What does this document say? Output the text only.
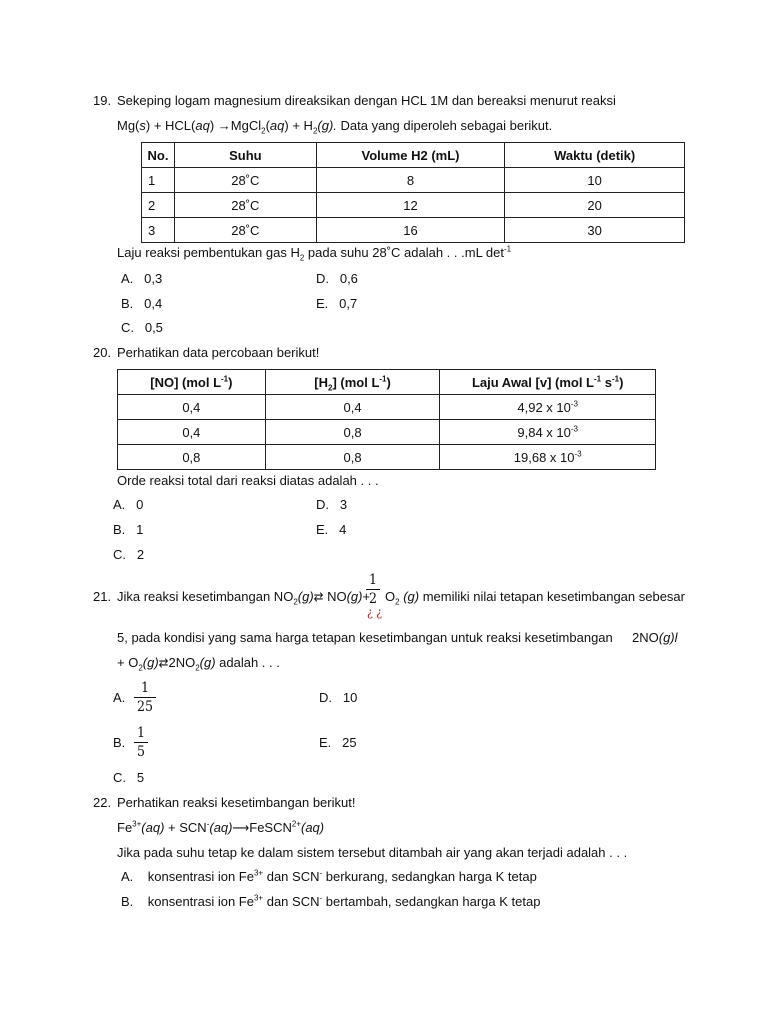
19. Sekeping logam magnesium direaksikan dengan HCL 1M dan bereaksi menurut reaksi
Mg(s) + HCL(aq) →MgCl$_2$(aq) + $H_2(g)$. Data yang diperoleh sebagai berikut.
No.	Suhu	Volume H2 (mL)	Waktu (detik)
1	28˚C	8	10
2	28˚C	12	20
3	28˚C	16	30
Laju reaksi pembentukan gas $H_2$ pada suhu 28˚C adalah . . .mL $\det^{-1}$
A. 0,3
B. 0,4
C. 0,5
D. 0,6
E. 0,7
20. Perhatikan data percobaan berikut!
[NO] (mol $L^{-1}$)	$[H_2]$ (mol $L^{-1}$)	Laju Awal [v] (mol $L^{-1}$ $s^{-1}$)
0,4	0,4	4,92 x $10^{-3}$
0,4	0,8	9,84 x $10^{-3}$
0,8	0,8	19,68 x $10^{-3}$
Orde reaksi total dari reaksi diatas adalah . . .
A. 0
B. 1
C. 2
D. 3
E. 4
21. Jika reaksi kesetimbangan $NO_2(g)⇄$ NO(g)+
1
2
¿ ¿
$O_2$ (g) memiliki nilai tetapan kesetimbangan sebesar
5, pada kondisi yang sama harga tetapan kesetimbangan untuk reaksi kesetimbangan 2NO(g)l
+ $O_2(g)⇄2NO_2(g)$ adalah . . .
A.
1
25
B.
1
5
C. 5
D. 10
E. 25
22. Perhatikan reaksi kesetimbangan berikut!
$Fe^{3+}(aq)$ + SCN-(aq)⟶FeSCN$^{2+}$(aq)
Jika pada suhu tetap ke dalam sistem tersebut ditambah air yang akan terjadi adalah . . .
A. konsentrasi ion $Fe^{3+}$ dan SCN- berkurang, sedangkan harga K tetap
B. konsentrasi ion $Fe^{3+}$ dan SCN- bertambah, sedangkan harga K tetap
